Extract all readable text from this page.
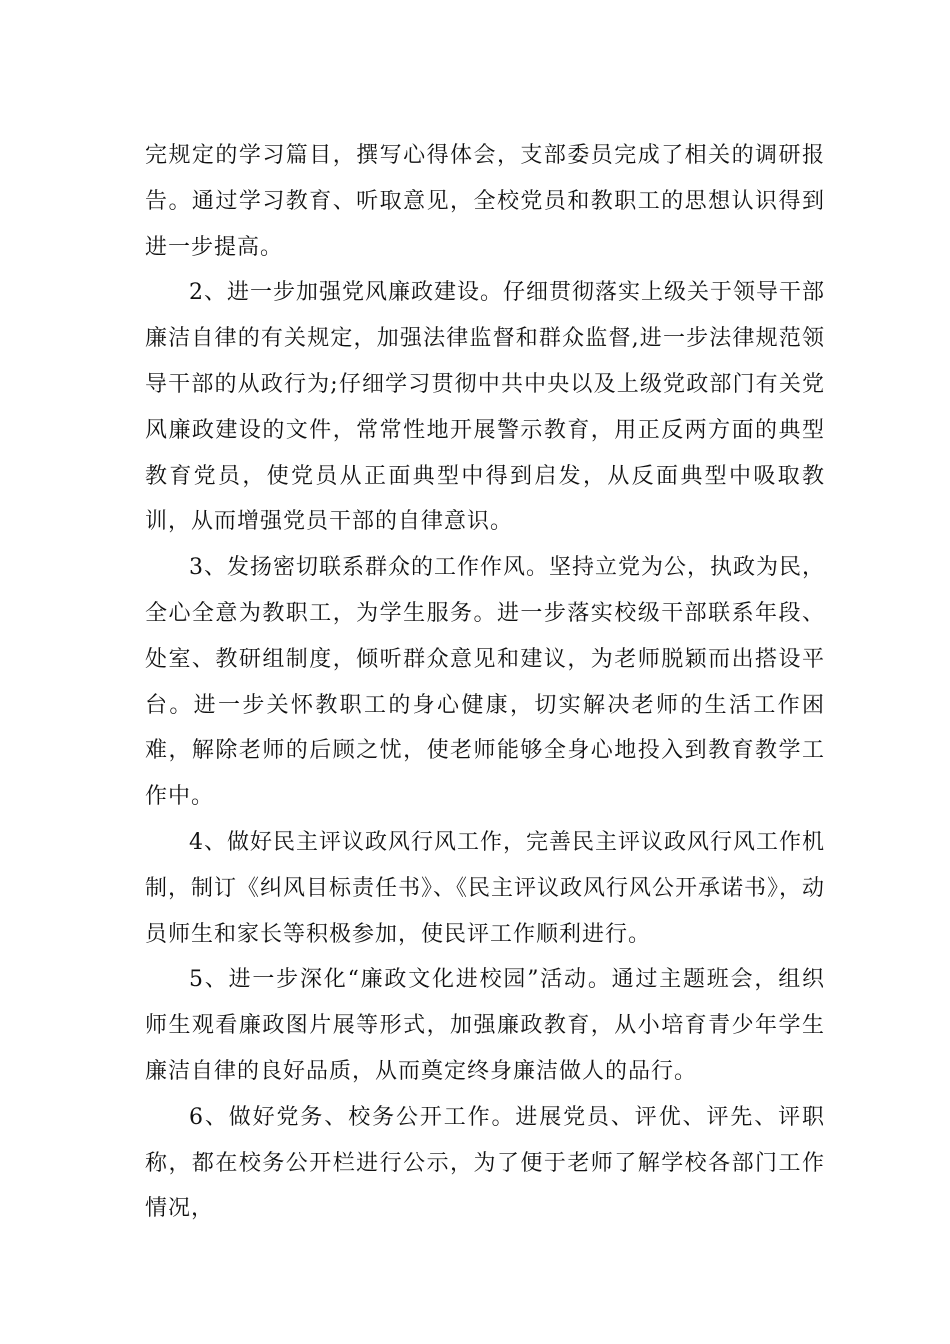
完规定的学习篇目，撰写心得体会，支部委员完成了相关的调研报告。通过学习教育、听取意见，全校党员和教职工的思想认识得到进一步提高。

2、进一步加强党风廉政建设。仔细贯彻落实上级关于领导干部廉洁自律的有关规定，加强法律监督和群众监督,进一步法律规范领导干部的从政行为;仔细学习贯彻中共中央以及上级党政部门有关党风廉政建设的文件，常常性地开展警示教育，用正反两方面的典型教育党员，使党员从正面典型中得到启发，从反面典型中吸取教训，从而增强党员干部的自律意识。

3、发扬密切联系群众的工作作风。坚持立党为公，执政为民，全心全意为教职工，为学生服务。进一步落实校级干部联系年段、处室、教研组制度，倾听群众意见和建议，为老师脱颖而出搭设平台。进一步关怀教职工的身心健康，切实解决老师的生活工作困难，解除老师的后顾之忧，使老师能够全身心地投入到教育教学工作中。

4、做好民主评议政风行风工作，完善民主评议政风行风工作机制，制订《纠风目标责任书》、《民主评议政风行风公开承诺书》，动员师生和家长等积极参加，使民评工作顺利进行。

5、进一步深化“廉政文化进校园”活动。通过主题班会，组织师生观看廉政图片展等形式，加强廉政教育，从小培育青少年学生廉洁自律的良好品质，从而奠定终身廉洁做人的品行。

6、做好党务、校务公开工作。进展党员、评优、评先、评职称，都在校务公开栏进行公示，为了便于老师了解学校各部门工作情况，
